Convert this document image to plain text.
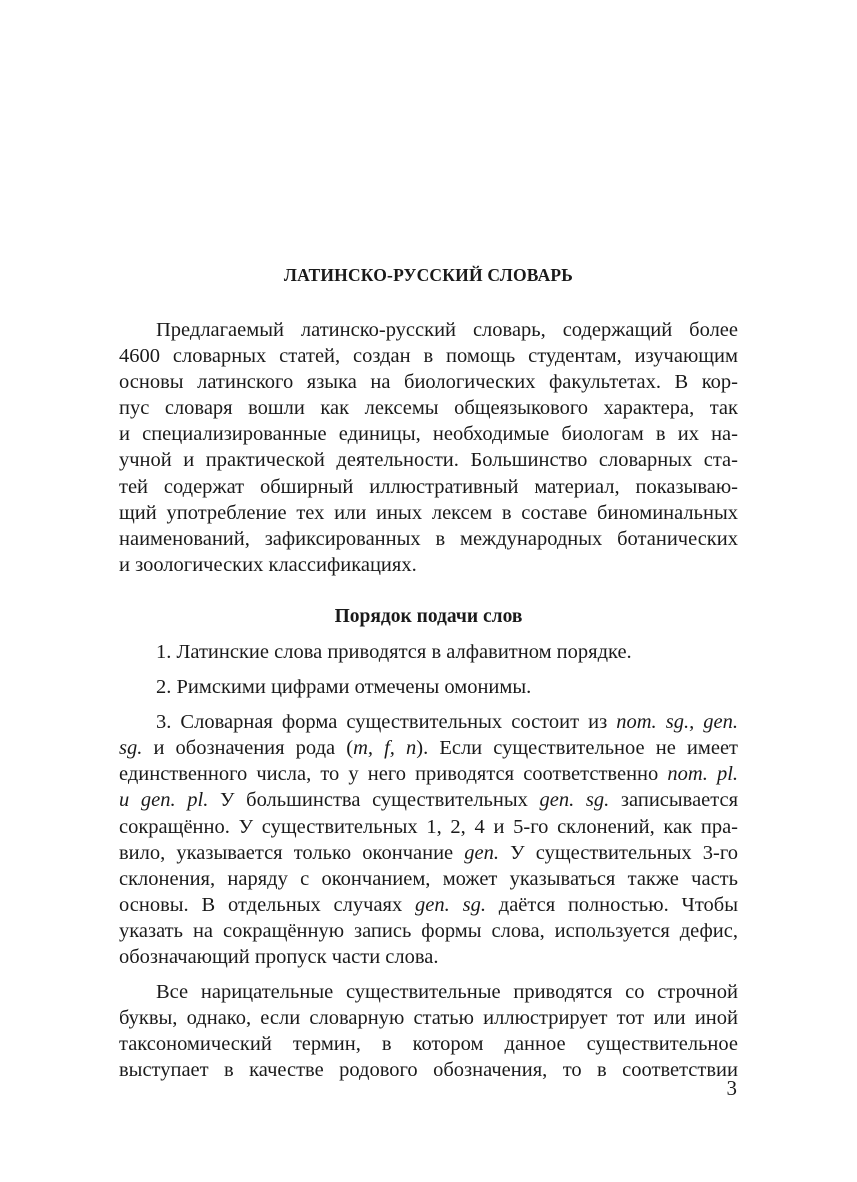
ЛАТИНСКО-РУССКИЙ СЛОВАРЬ
Предлагаемый латинско-русский словарь, содержащий более
4600 словарных статей, создан в помощь студентам, изучающим
основы латинского языка на биологических факультетах. В кор-
пус словаря вошли как лексемы общеязыкового характера, так
и специализированные единицы, необходимые биологам в их на-
учной и практической деятельности. Большинство словарных ста-
тей содержат обширный иллюстративный материал, показываю-
щий употребление тех или иных лексем в составе биноминальных
наименований, зафиксированных в международных ботанических
и зоологических классификациях.
Порядок подачи слов
1. Латинские слова приводятся в алфавитном порядке.
2. Римскими цифрами отмечены омонимы.
3. Словарная форма существительных состоит из nom. sg., gen.
sg. и обозначения рода (m, f, n). Если существительное не имеет
единственного числа, то у него приводятся соответственно nom. pl.
и gen. pl. У большинства существительных gen. sg. записывается
сокращённо. У существительных 1, 2, 4 и 5-го склонений, как пра-
вило, указывается только окончание gen. У существительных 3-го
склонения, наряду с окончанием, может указываться также часть
основы. В отдельных случаях gen. sg. даётся полностью. Чтобы
указать на сокращённую запись формы слова, используется дефис,
обозначающий пропуск части слова.
Все нарицательные существительные приводятся со строчной
буквы, однако, если словарную статью иллюстрирует тот или иной
таксономический термин, в котором данное существительное
выступает в качестве родового обозначения, то в соответствии
3
